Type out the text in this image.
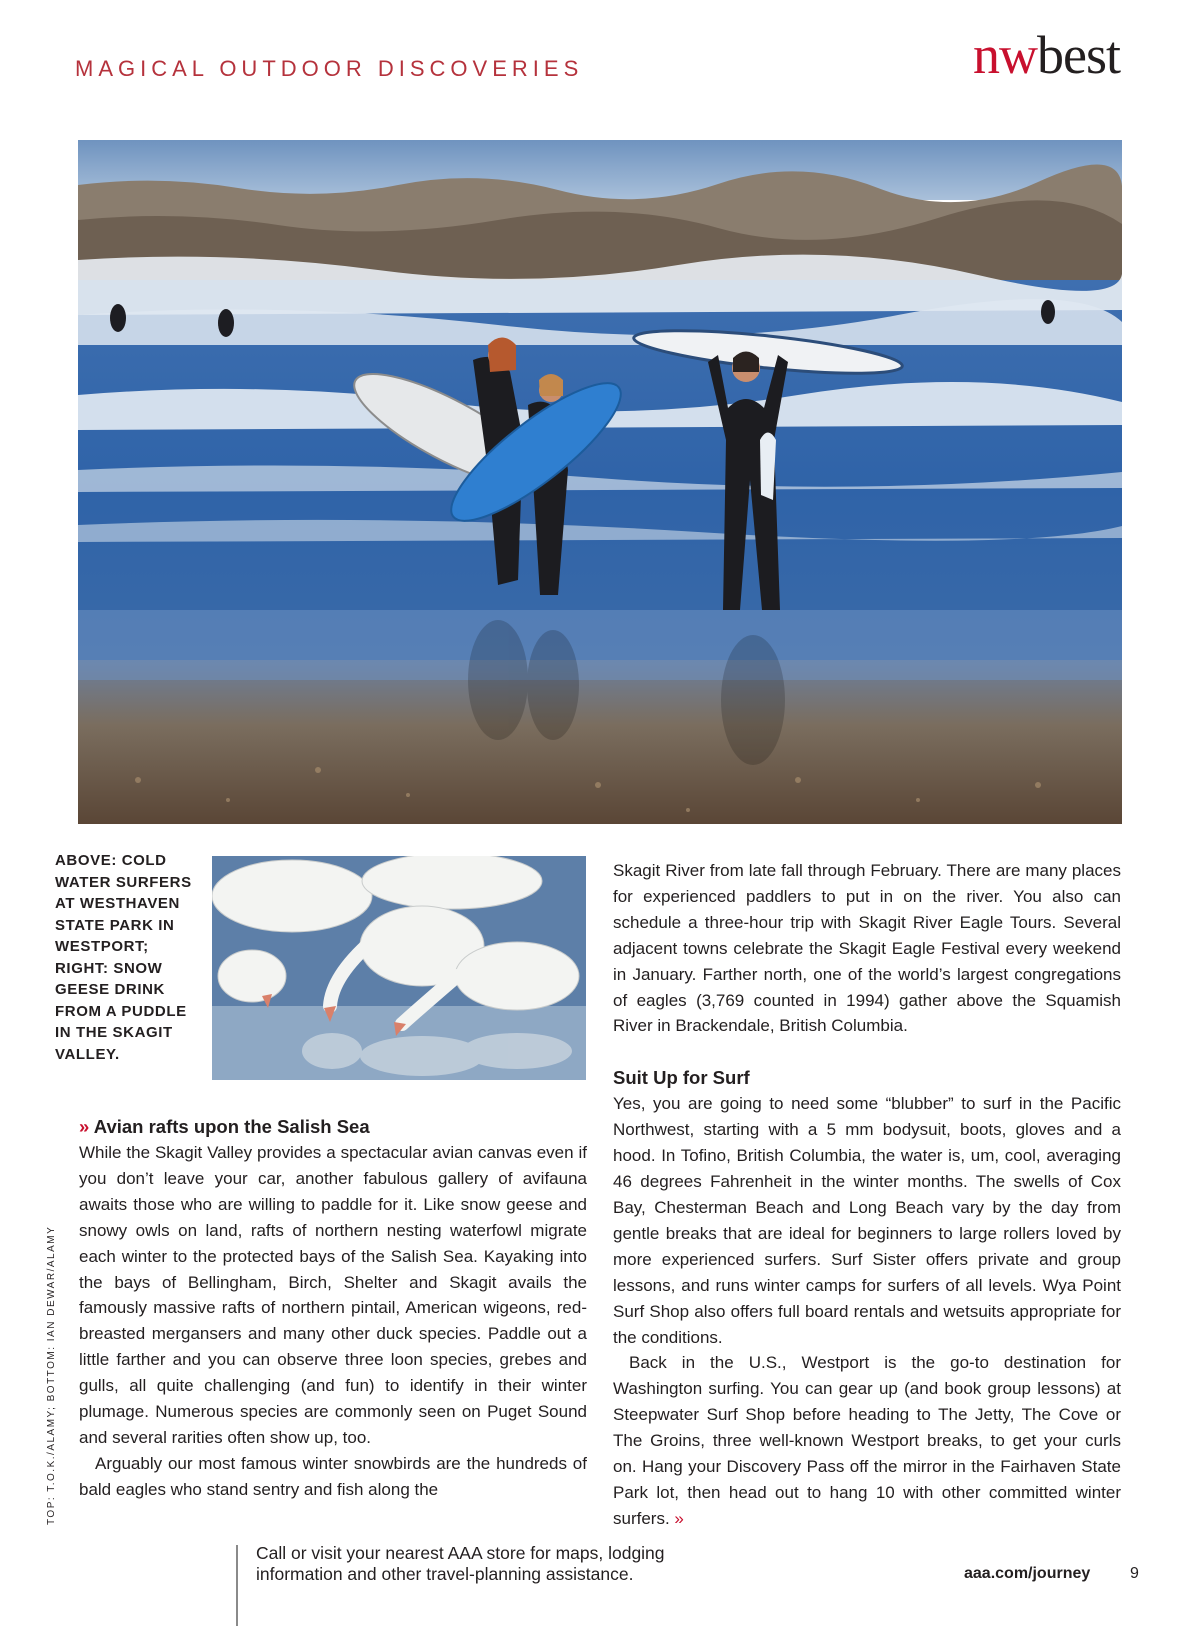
MAGICAL OUTDOOR DISCOVERIES	nwbest
ABOVE: COLD WATER SURFERS AT WESTHAVEN STATE PARK IN WESTPORT; RIGHT: SNOW GEESE DRINK FROM A PUDDLE IN THE SKAGIT VALLEY.

» Avian rafts upon the Salish Sea

While the Skagit Valley provides a spectacular avian canvas even if you don’t leave your car, another fabulous gallery of avifauna awaits those who are willing to paddle for it. Like snow geese and snowy owls on land, rafts of northern nesting waterfowl migrate each winter to the protected bays of the Salish Sea. Kayaking into the bays of Bellingham, Birch, Shelter and Skagit avails the famously massive rafts of northern pintail, American wigeons, red-breasted mergansers and many other duck species. Paddle out a little farther and you can observe three loon species, grebes and gulls, all quite challenging (and fun) to identify in their winter plumage. Numerous species are commonly seen on Puget Sound and several rarities often show up, too.

Arguably our most famous winter snowbirds are the hundreds of bald eagles who stand sentry and fish along the

Skagit River from late fall through February. There are many places for experienced paddlers to put in on the river. You also can schedule a three-hour trip with Skagit River Eagle Tours. Several adjacent towns celebrate the Skagit Eagle Festival every weekend in January. Farther north, one of the world’s largest congregations of eagles (3,769 counted in 1994) gather above the Squamish River in Brackendale, British Columbia.

Suit Up for Surf

Yes, you are going to need some “blubber” to surf in the Pacific Northwest, starting with a 5 mm bodysuit, boots, gloves and a hood. In Tofino, British Columbia, the water is, um, cool, averaging 46 degrees Fahrenheit in the winter months. The swells of Cox Bay, Chesterman Beach and Long Beach vary by the day from gentle breaks that are ideal for beginners to large rollers loved by more experienced surfers. Surf Sister offers private and group lessons, and runs winter camps for surfers of all levels. Wya Point Surf Shop also offers full board rentals and wetsuits appropriate for the conditions.

Back in the U.S., Westport is the go-to destination for Washington surfing. You can gear up (and book group lessons) at Steepwater Surf Shop before heading to The Jetty, The Cove or The Groins, three well-known Westport breaks, to get your curls on. Hang your Discovery Pass off the mirror in the Fairhaven State Park lot, then head out to hang 10 with other committed winter surfers. »

TOP: T.O.K./ALAMY; BOTTOM: IAN DEWAR/ALAMY
Call or visit your nearest AAA store for maps, lodging information and other travel-planning assistance.	aaa.com/journey 9
